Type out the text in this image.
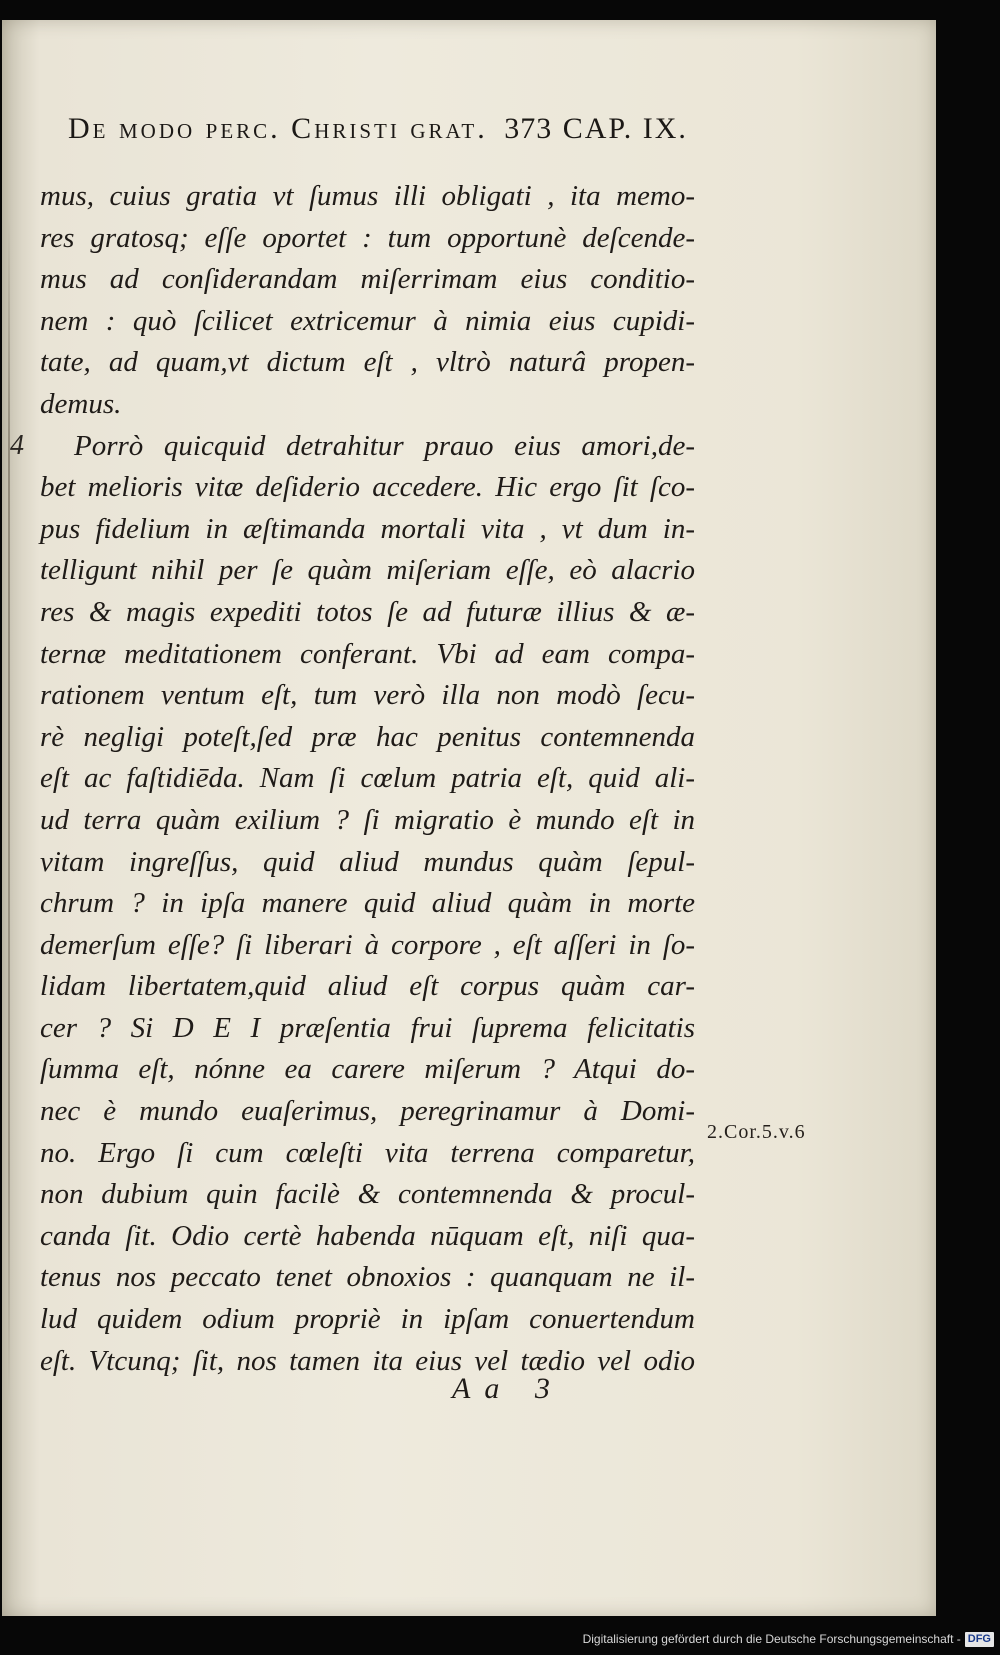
De modo perc. Christi grat. 373 CAP. IX.
4
mus, cuius gratia vt ſumus illi obligati , ita memo-
res gratosq; eſſe oportet : tum opportunè deſcende-
mus ad conſiderandam miſerrimam eius conditio-
nem : quò ſcilicet extricemur à nimia eius cupidi-
tate, ad quam,vt dictum eſt , vltrò naturâ propen-
demus.
Porrò quicquid detrahitur prauo eius amori,de-
bet melioris vitæ deſiderio accedere. Hic ergo ſit ſco-
pus fidelium in æſtimanda mortali vita , vt dum in-
telligunt nihil per ſe quàm miſeriam eſſe, eò alacrio
res & magis expediti totos ſe ad futuræ illius & æ-
ternæ meditationem conferant. Vbi ad eam compa-
rationem ventum eſt, tum verò illa non modò ſecu-
rè negligi poteſt,ſed præ hac penitus contemnenda
eſt ac faſtidiēda. Nam ſi cœlum patria eſt, quid ali-
ud terra quàm exilium ? ſi migratio è mundo eſt in
vitam ingreſſus, quid aliud mundus quàm ſepul-
chrum ? in ipſa manere quid aliud quàm in morte
demerſum eſſe? ſi liberari à corpore , eſt aſſeri in ſo-
lidam libertatem,quid aliud eſt corpus quàm car-
cer ? Si D E I præſentia frui ſuprema felicitatis
ſumma eſt, nónne ea carere miſerum ? Atqui do-
nec è mundo euaſerimus, peregrinamur à Domi-
no. Ergo ſi cum cœleſti vita terrena comparetur,
non dubium quin facilè & contemnenda & procul-
canda ſit. Odio certè habenda nūquam eſt, niſi qua-
tenus nos peccato tenet obnoxios : quanquam ne il-
lud quidem odium propriè in ipſam conuertendum
eſt. Vtcunq; ſit, nos tamen ita eius vel tædio vel odio
2.Cor.5.v.6
Aa 3
Digitalisierung gefördert durch die Deutsche Forschungsgemeinschaft - DFG
